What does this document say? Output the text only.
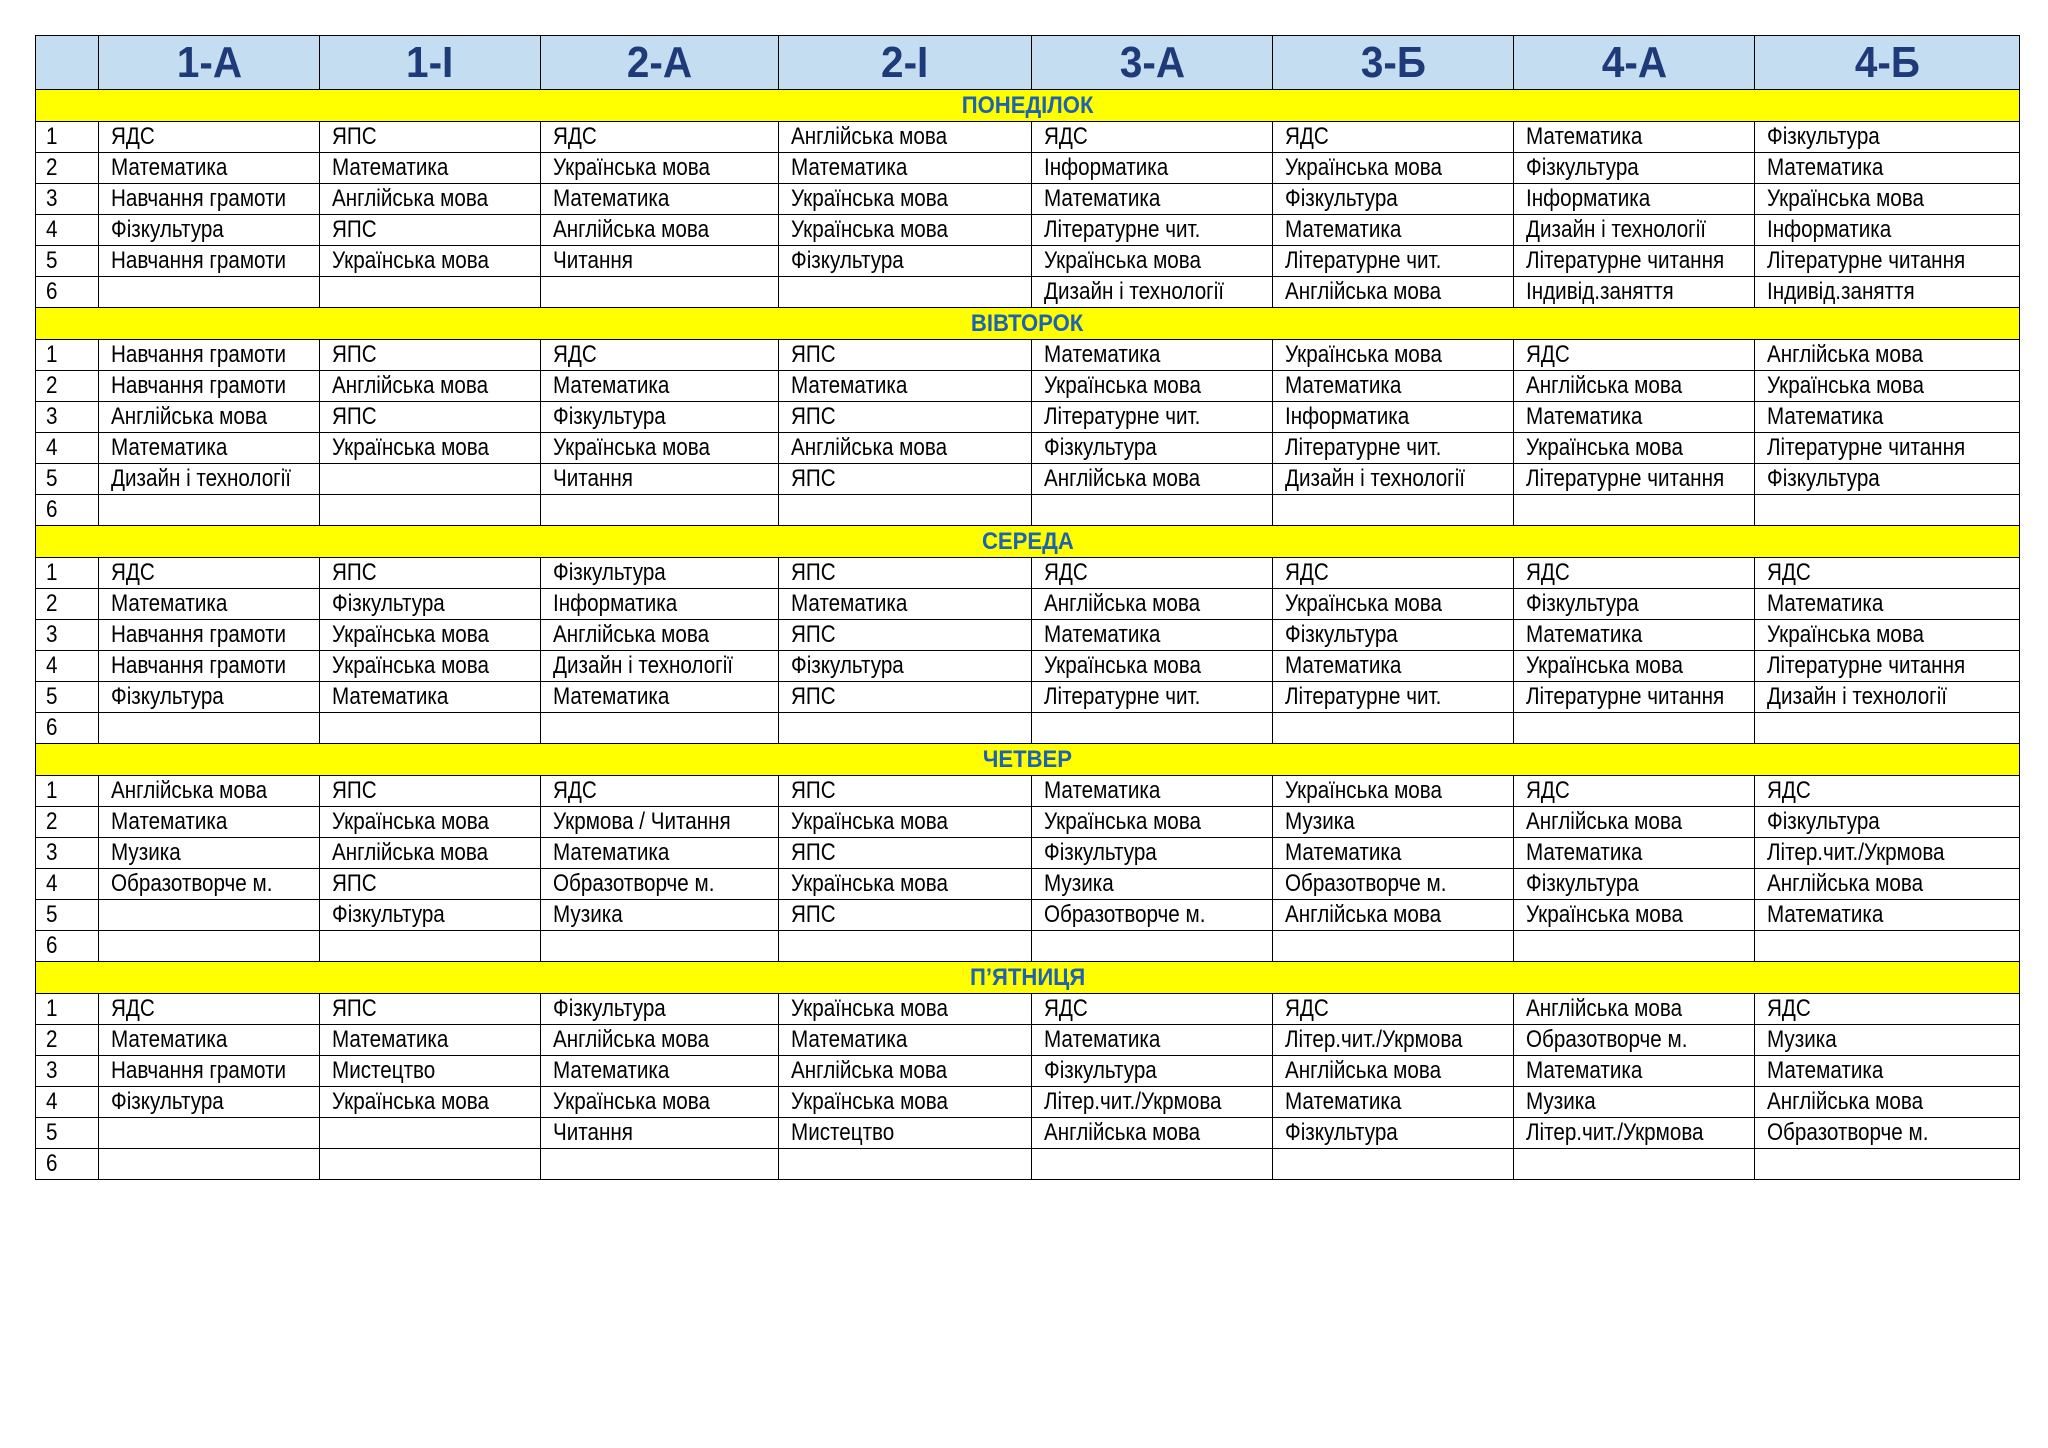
	1-А	1-І	2-А	2-І	3-А	3-Б	4-А	4-Б
ПОНЕДІЛОК								
1	ЯДС	ЯПС	ЯДС	Англійська мова	ЯДС	ЯДС	Математика	Фізкультура
2	Математика	Математика	Українська мова	Математика	Інформатика	Українська мова	Фізкультура	Математика
3	Навчання грамоти	Англійська мова	Математика	Українська мова	Математика	Фізкультура	Інформатика	Українська мова
4	Фізкультура	ЯПС	Англійська мова	Українська мова	Літературне чит.	Математика	Дизайн і технології	Інформатика
5	Навчання грамоти	Українська мова	Читання	Фізкультура	Українська мова	Літературне чит.	Літературне читання	Літературне читання
6					Дизайн і технології	Англійська мова	Індивід.заняття	Індивід.заняття
ВІВТОРОК								
1	Навчання грамоти	ЯПС	ЯДС	ЯПС	Математика	Українська мова	ЯДС	Англійська мова
2	Навчання грамоти	Англійська мова	Математика	Математика	Українська мова	Математика	Англійська мова	Українська мова
3	Англійська мова	ЯПС	Фізкультура	ЯПС	Літературне чит.	Інформатика	Математика	Математика
4	Математика	Українська мова	Українська мова	Англійська мова	Фізкультура	Літературне чит.	Українська мова	Літературне читання
5	Дизайн і технології		Читання	ЯПС	Англійська мова	Дизайн і технології	Літературне читання	Фізкультура
6								
СЕРЕДА								
1	ЯДС	ЯПС	Фізкультура	ЯПС	ЯДС	ЯДС	ЯДС	ЯДС
2	Математика	Фізкультура	Інформатика	Математика	Англійська мова	Українська мова	Фізкультура	Математика
3	Навчання грамоти	Українська мова	Англійська мова	ЯПС	Математика	Фізкультура	Математика	Українська мова
4	Навчання грамоти	Українська мова	Дизайн і технології	Фізкультура	Українська мова	Математика	Українська мова	Літературне читання
5	Фізкультура	Математика	Математика	ЯПС	Літературне чит.	Літературне чит.	Літературне читання	Дизайн і технології
6								
ЧЕТВЕР								
1	Англійська мова	ЯПС	ЯДС	ЯПС	Математика	Українська мова	ЯДС	ЯДС
2	Математика	Українська мова	Укрмова / Читання	Українська мова	Українська мова	Музика	Англійська мова	Фізкультура
3	Музика	Англійська мова	Математика	ЯПС	Фізкультура	Математика	Математика	Літер.чит./Укрмова
4	Образотворче м.	ЯПС	Образотворче м.	Українська мова	Музика	Образотворче м.	Фізкультура	Англійська мова
5		Фізкультура	Музика	ЯПС	Образотворче м.	Англійська мова	Українська мова	Математика
6								
П’ЯТНИЦЯ								
1	ЯДС	ЯПС	Фізкультура	Українська мова	ЯДС	ЯДС	Англійська мова	ЯДС
2	Математика	Математика	Англійська мова	Математика	Математика	Літер.чит./Укрмова	Образотворче м.	Музика
3	Навчання грамоти	Мистецтво	Математика	Англійська мова	Фізкультура	Англійська мова	Математика	Математика
4	Фізкультура	Українська мова	Українська мова	Українська мова	Літер.чит./Укрмова	Математика	Музика	Англійська мова
5			Читання	Мистецтво	Англійська мова	Фізкультура	Літер.чит./Укрмова	Образотворче м.
6								
